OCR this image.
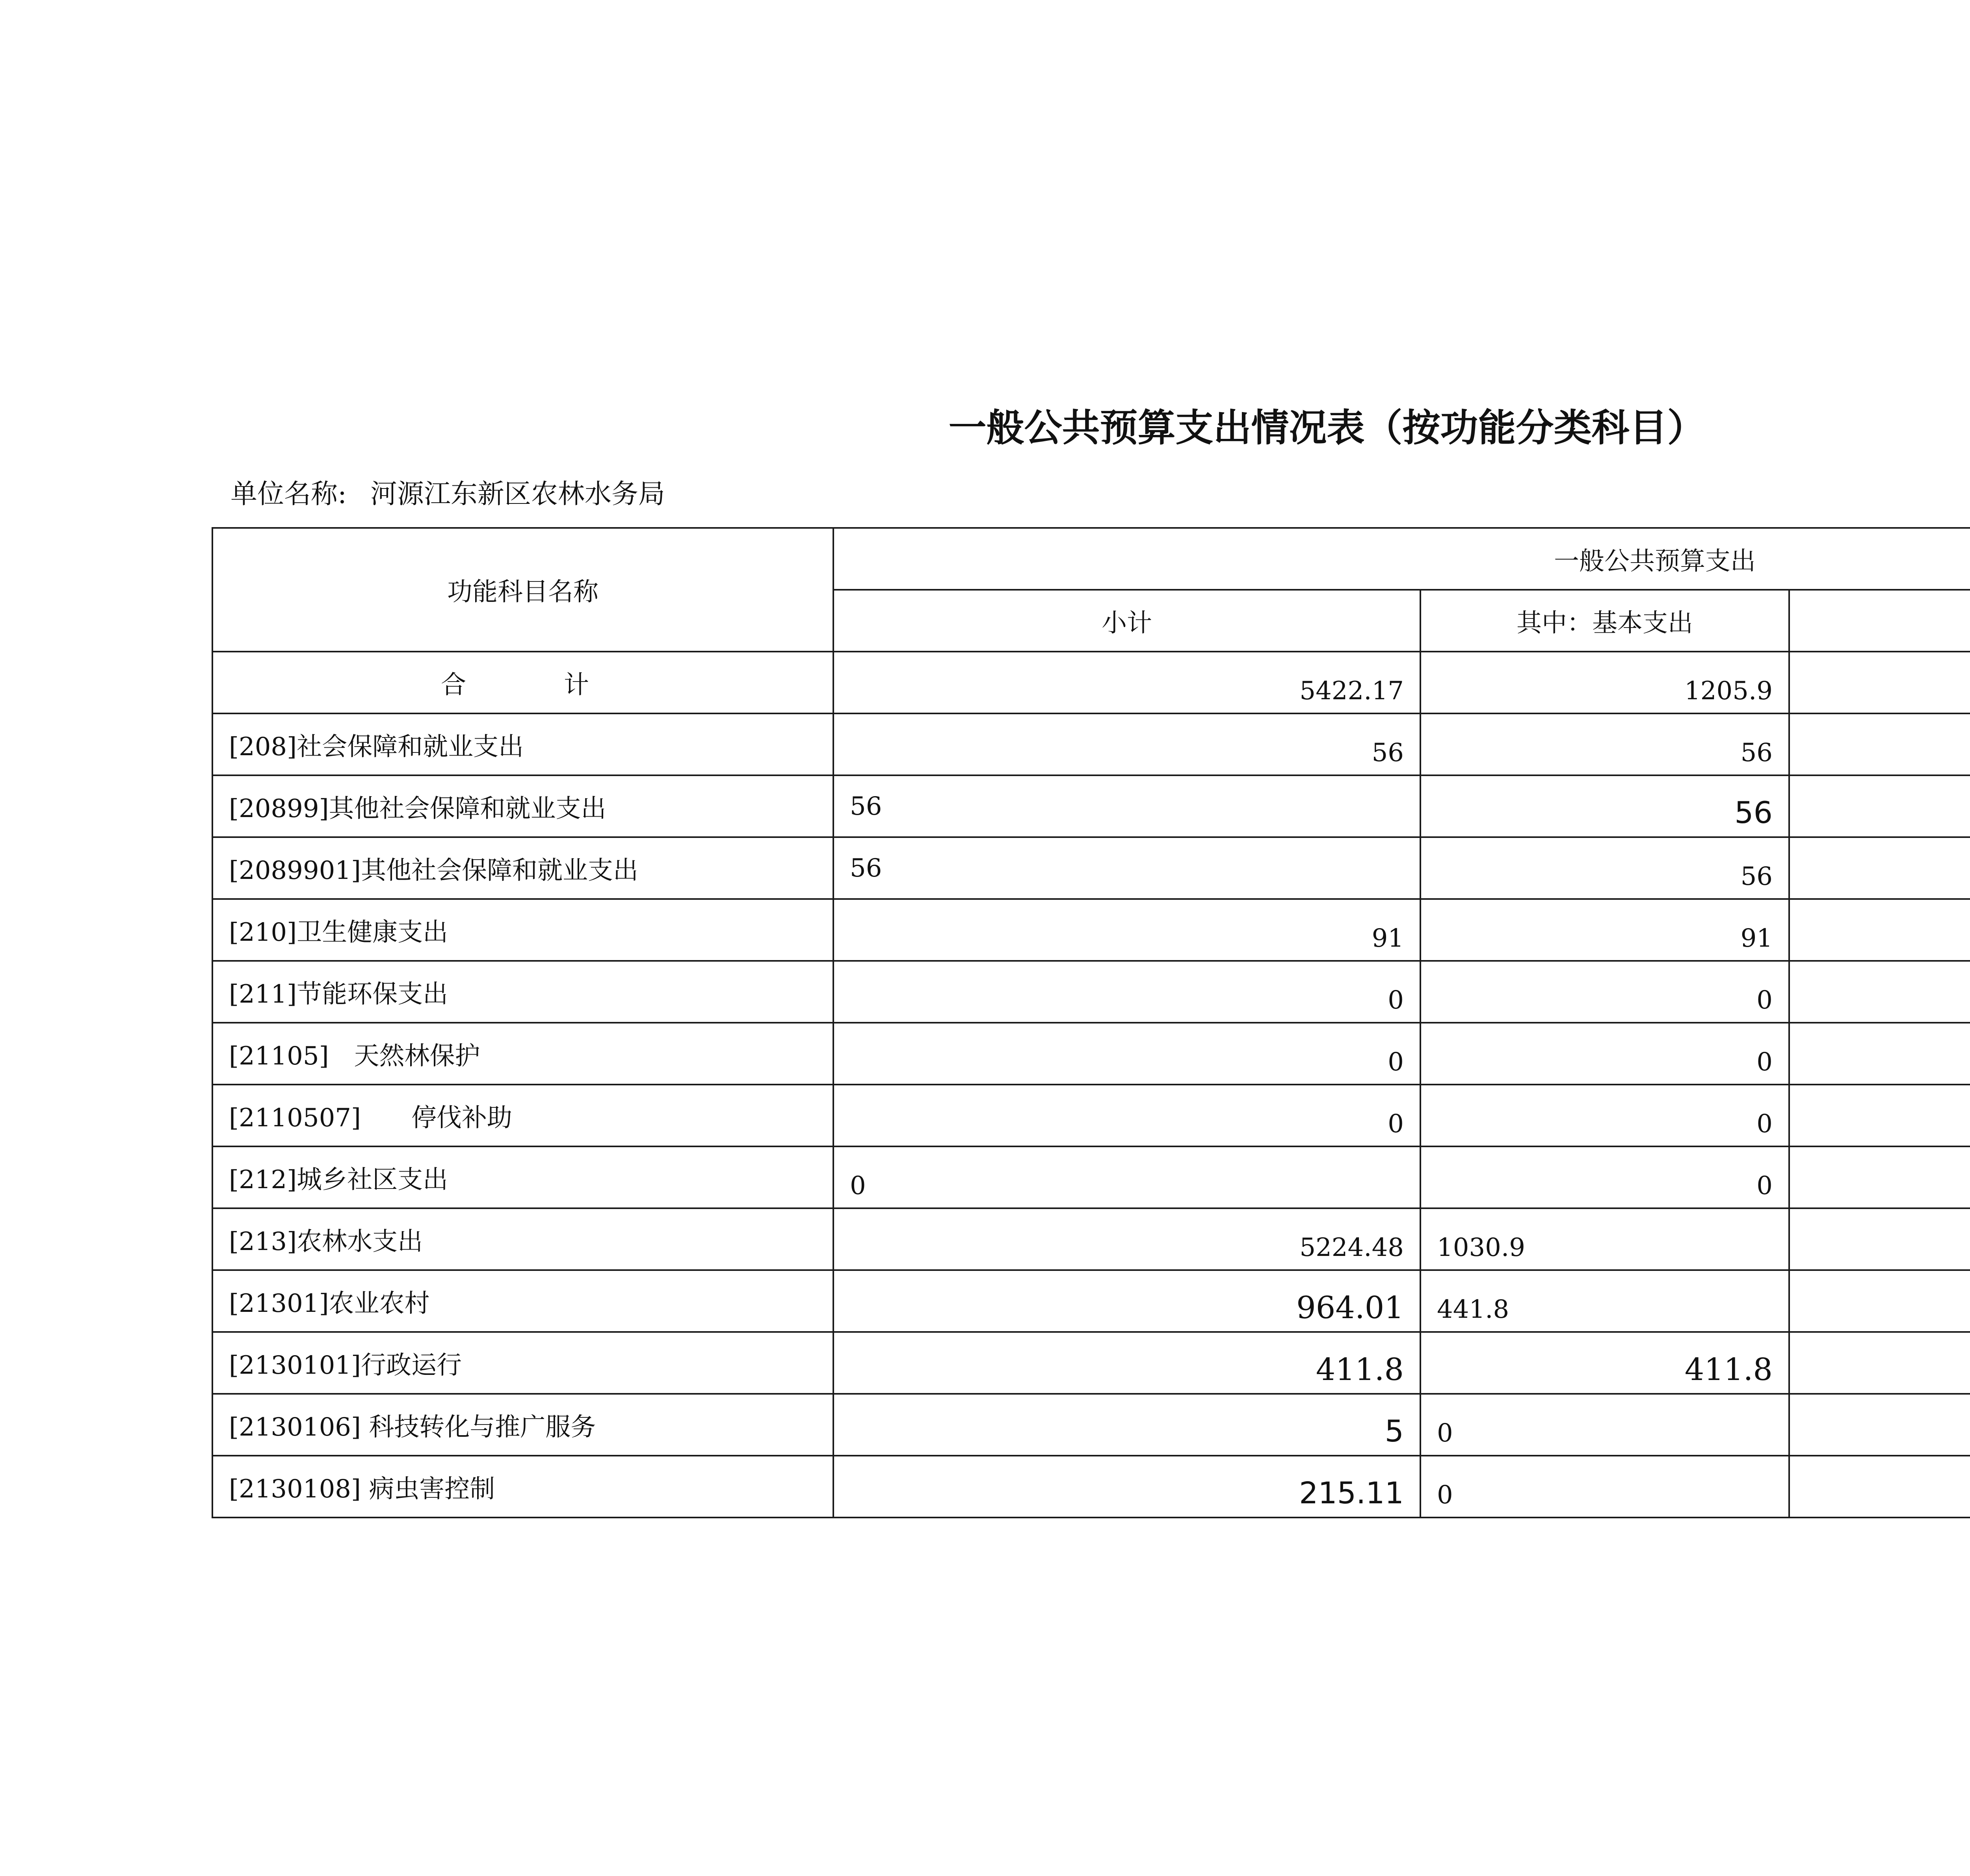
一般公共预算支出情况表（按功能分类科目）
单位名称: 河源江东新区农林水务局
功能科目名称	一般公共预算支出		
	小计	其中：基本支出	
合　　计	5422.17	1205.9	
[208]社会保障和就业支出	56	56	
[20899]其他社会保障和就业支出	56	56	
[2089901]其他社会保障和就业支出	56	56	
[210]卫生健康支出	91	91	
[211]节能环保支出	0	0	
[21105]　天然林保护	0	0	
[2110507]　　停伐补助	0	0	
[212]城乡社区支出	0	0	
[213]农林水支出	5224.48	1030.9	
[21301]农业农村	964.01	441.8	
[2130101]行政运行	411.8	411.8	
[2130106] 科技转化与推广服务	5	0	
[2130108] 病虫害控制	215.11	0	
